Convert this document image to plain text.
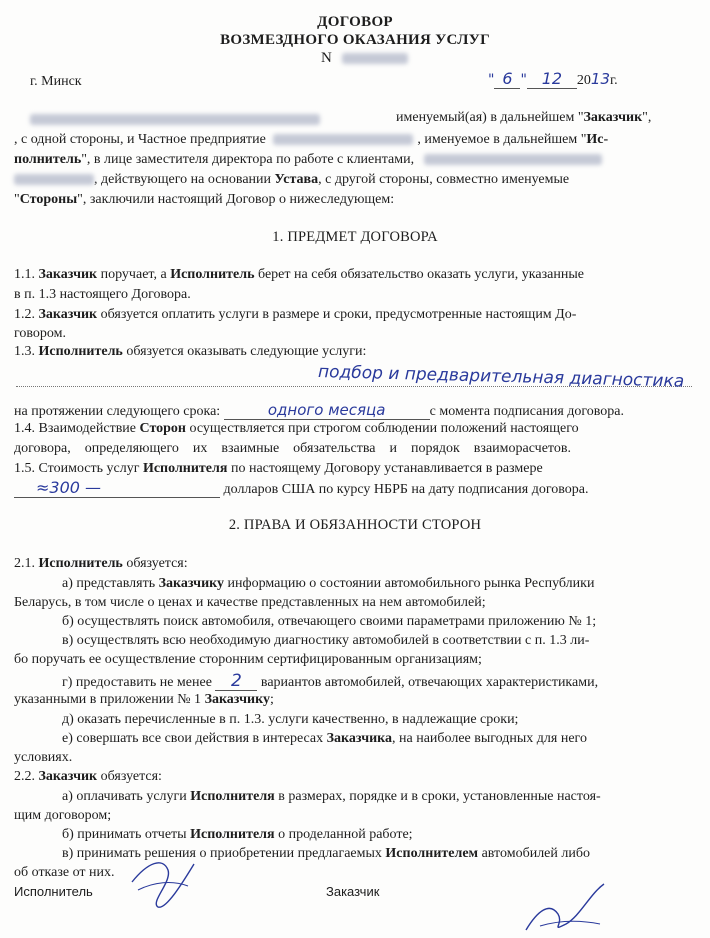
ДОГОВОР
ВОЗМЕЗДНОГО ОКАЗАНИЯ УСЛУГ
N
г. Минск	" 6 " 12 2013г.
именуемый(ая) в дальнейшем "Заказчик",
, с одной стороны, и Частное предприятие	, именуемое в дальнейшем "Ис-
полнитель", в лице заместителя директора по работе с клиентами,
, действующего на основании Устава, с другой стороны, совместно именуемые
"Стороны", заключили настоящий Договор о нижеследующем:
1. ПРЕДМЕТ ДОГОВОРА
1.1. Заказчик поручает, а Исполнитель берет на себя обязательство оказать услуги, указанные
в п. 1.3 настоящего Договора.
1.2. Заказчик обязуется оплатить услуги в размере и сроки, предусмотренные настоящим До-
говором.
1.3. Исполнитель обязуется оказывать следующие услуги:
подбор и предварительная диагностика
на протяжении следующего срока:	одного месяца	с момента подписания договора.
1.4. Взаимодействие Сторон осуществляется при строгом соблюдении положений настоящего
договора,    определяющего    их    взаимные    обязательства    и    порядок    взаиморасчетов.
1.5. Стоимость услуг Исполнителя по настоящему Договору устанавливается в размере
≈300 —	долларов США по курсу НБРБ на дату подписания договора.
2. ПРАВА И ОБЯЗАННОСТИ СТОРОН
2.1. Исполнитель обязуется:
а) представлять Заказчику информацию о состоянии автомобильного рынка Республики
Беларусь, в том числе о ценах и качестве представленных на нем автомобилей;
б) осуществлять поиск автомобиля, отвечающего своими параметрами приложению № 1;
в) осуществлять всю необходимую диагностику автомобилей в соответствии с п. 1.3 ли-
бо поручать ее осуществление сторонним сертифицированным организациям;
г) предоставить не менее 2 вариантов автомобилей, отвечающих характеристиками,
указанными в приложении № 1 Заказчику;
д) оказать перечисленные в п. 1.3. услуги качественно, в надлежащие сроки;
е) совершать все свои действия в интересах Заказчика, на наиболее выгодных для него
условиях.
2.2. Заказчик обязуется:
а) оплачивать услуги Исполнителя в размерах, порядке и в сроки, установленные настоя-
щим договором;
б) принимать отчеты Исполнителя о проделанной работе;
в) принимать решения о приобретении предлагаемых Исполнителем автомобилей либо
об отказе от них.
Исполнитель	Заказчик
